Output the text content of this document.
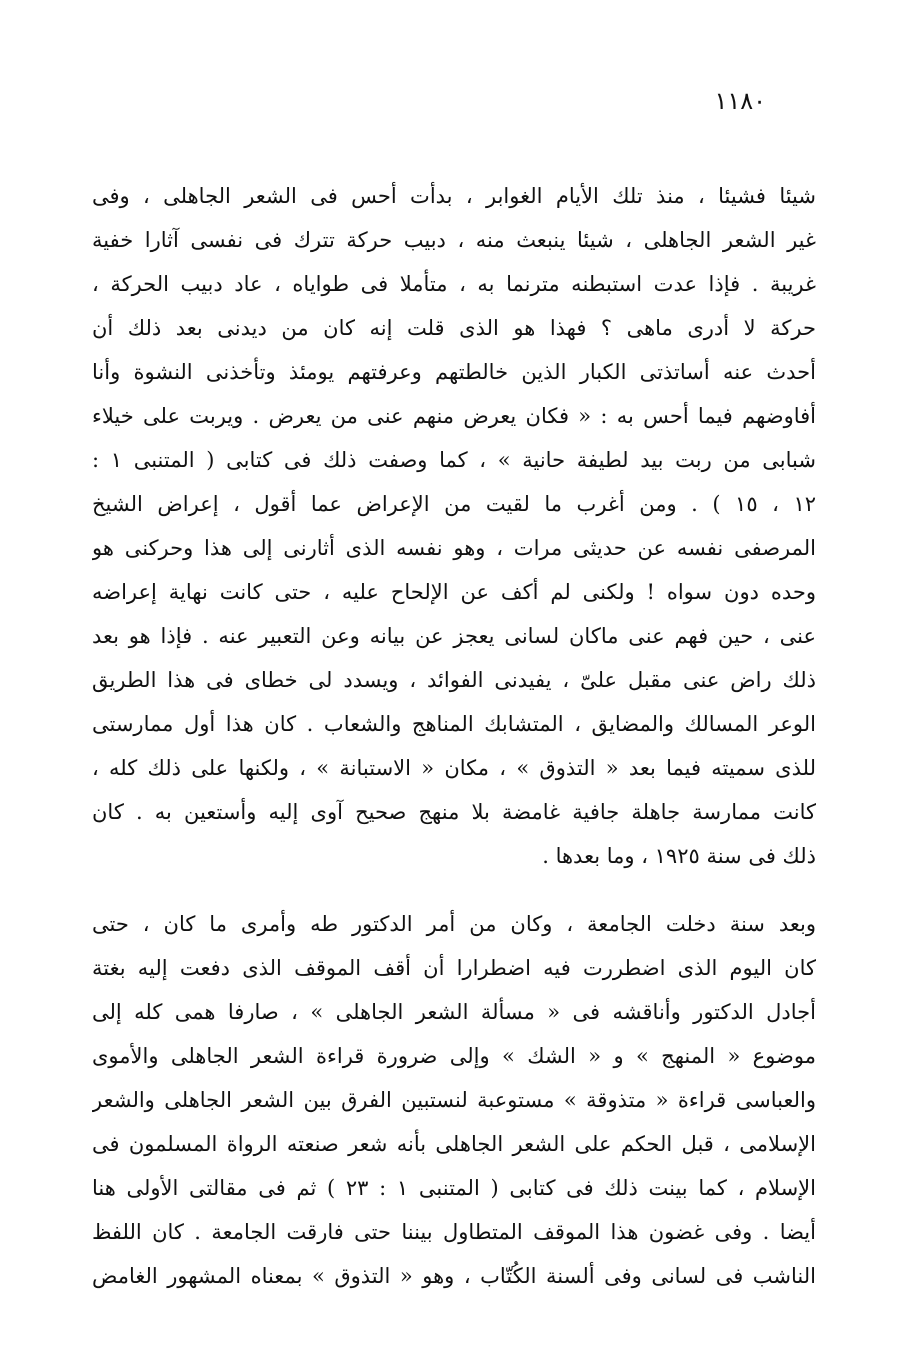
١١٨٠
شيئا فشيئا ، منذ تلك الأيام الغوابر ، بدأت أحس فى الشعر الجاهلى ، وفى
غير الشعر الجاهلى ، شيئا ينبعث منه ، دبيب حركة تترك فى نفسى آثارا خفية
غريبة . فإذا عدت استبطنه مترنما به ، متأملا فى طواياه ، عاد دبيب الحركة ،
حركة لا أدرى ماهى ؟ فهذا هو الذى قلت إنه كان من ديدنى بعد ذلك أن
أحدث عنه أساتذتى الكبار الذين خالطتهم وعرفتهم يومئذ وتأخذنى النشوة وأنا
أفاوضهم فيما أحس به : « فكان يعرض منهم عنى من يعرض . ويربت على خيلاء
شبابى من ربت بيد لطيفة حانية » ، كما وصفت ذلك فى كتابى ( المتنبى ١ :
١٢ ، ١٥ ) . ومن أغرب ما لقيت من الإعراض عما أقول ، إعراض الشيخ
المرصفى نفسه عن حديثى مرات ، وهو نفسه الذى أثارنى إلى هذا وحركنى هو
وحده دون سواه ! ولكنى لم أكف عن الإلحاح عليه ، حتى كانت نهاية إعراضه
عنى ، حين فهم عنى ماكان لسانى يعجز عن بيانه وعن التعبير عنه . فإذا هو بعد
ذلك راض عنى مقبل علىّ ، يفيدنى الفوائد ، ويسدد لى خطاى فى هذا الطريق
الوعر المسالك والمضايق ، المتشابك المناهج والشعاب . كان هذا أول ممارستى
للذى سميته فيما بعد « التذوق » ، مكان « الاستبانة » ، ولكنها على ذلك كله ،
كانت ممارسة جاهلة جافية غامضة بلا منهج صحيح آوى إليه وأستعين به . كان
ذلك فى سنة ١٩٢٥ ، وما بعدها .
وبعد سنة دخلت الجامعة ، وكان من أمر الدكتور طه وأمرى ما كان ، حتى
كان اليوم الذى اضطررت فيه اضطرارا أن أقف الموقف الذى دفعت إليه بغتة
أجادل الدكتور وأناقشه فى « مسألة الشعر الجاهلى » ، صارفا همى كله إلى
موضوع « المنهج » و « الشك » وإلى ضرورة قراءة الشعر الجاهلى والأموى
والعباسى قراءة « متذوقة » مستوعبة لنستبين الفرق بين الشعر الجاهلى والشعر
الإسلامى ، قبل الحكم على الشعر الجاهلى بأنه شعر صنعته الرواة المسلمون فى
الإسلام ، كما بينت ذلك فى كتابى ( المتنبى ١ : ٢٣ ) ثم فى مقالتى الأولى هنا
أيضا . وفى غضون هذا الموقف المتطاول بيننا حتى فارقت الجامعة . كان اللفظ
الناشب فى لسانى وفى ألسنة الكُتّاب ، وهو « التذوق » بمعناه المشهور الغامض
